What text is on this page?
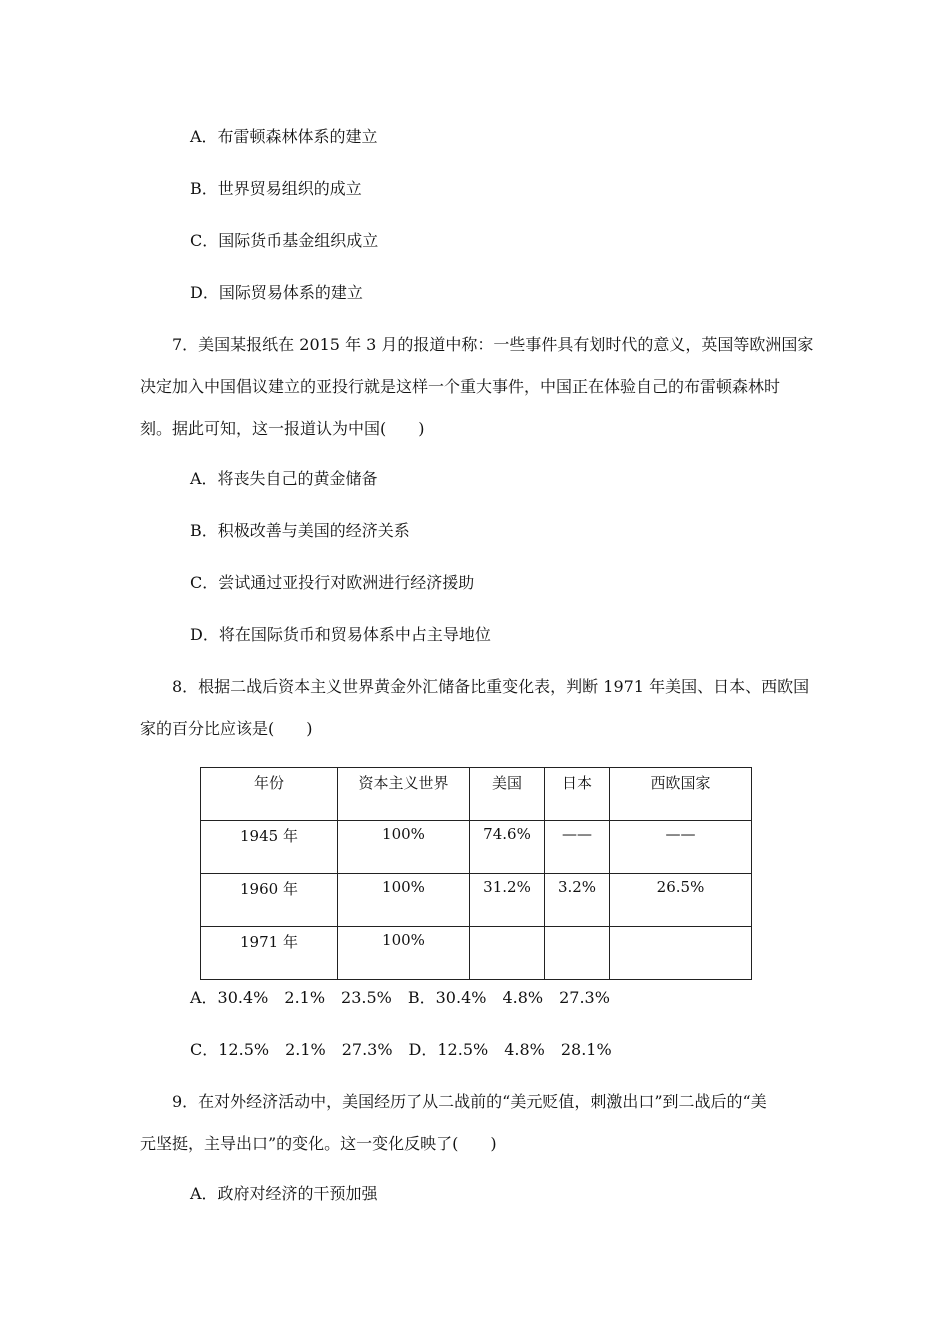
A．布雷顿森林体系的建立
B．世界贸易组织的成立
C．国际货币基金组织成立
D．国际贸易体系的建立
7．美国某报纸在 2015 年 3 月的报道中称：一些事件具有划时代的意义，英国等欧洲国家
决定加入中国倡议建立的亚投行就是这样一个重大事件，中国正在体验自己的布雷顿森林时
刻。据此可知，这一报道认为中国(　　)
A．将丧失自己的黄金储备
B．积极改善与美国的经济关系
C．尝试通过亚投行对欧洲进行经济援助
D．将在国际货币和贸易体系中占主导地位
8．根据二战后资本主义世界黄金外汇储备比重变化表，判断 1971 年美国、日本、西欧国
家的百分比应该是(　　)
年份	资本主义世界	美国	日本	西欧国家
1945 年	100%	74.6%	——	——
1960 年	100%	31.2%	3.2%	26.5%
1971 年	100%			
A．30.4%　2.1%　23.5%　B．30.4%　4.8%　27.3%
C．12.5%　2.1%　27.3%　D．12.5%　4.8%　28.1%
9．在对外经济活动中，美国经历了从二战前的“美元贬值，刺激出口”到二战后的“美
元坚挺，主导出口”的变化。这一变化反映了(　　)
A．政府对经济的干预加强
